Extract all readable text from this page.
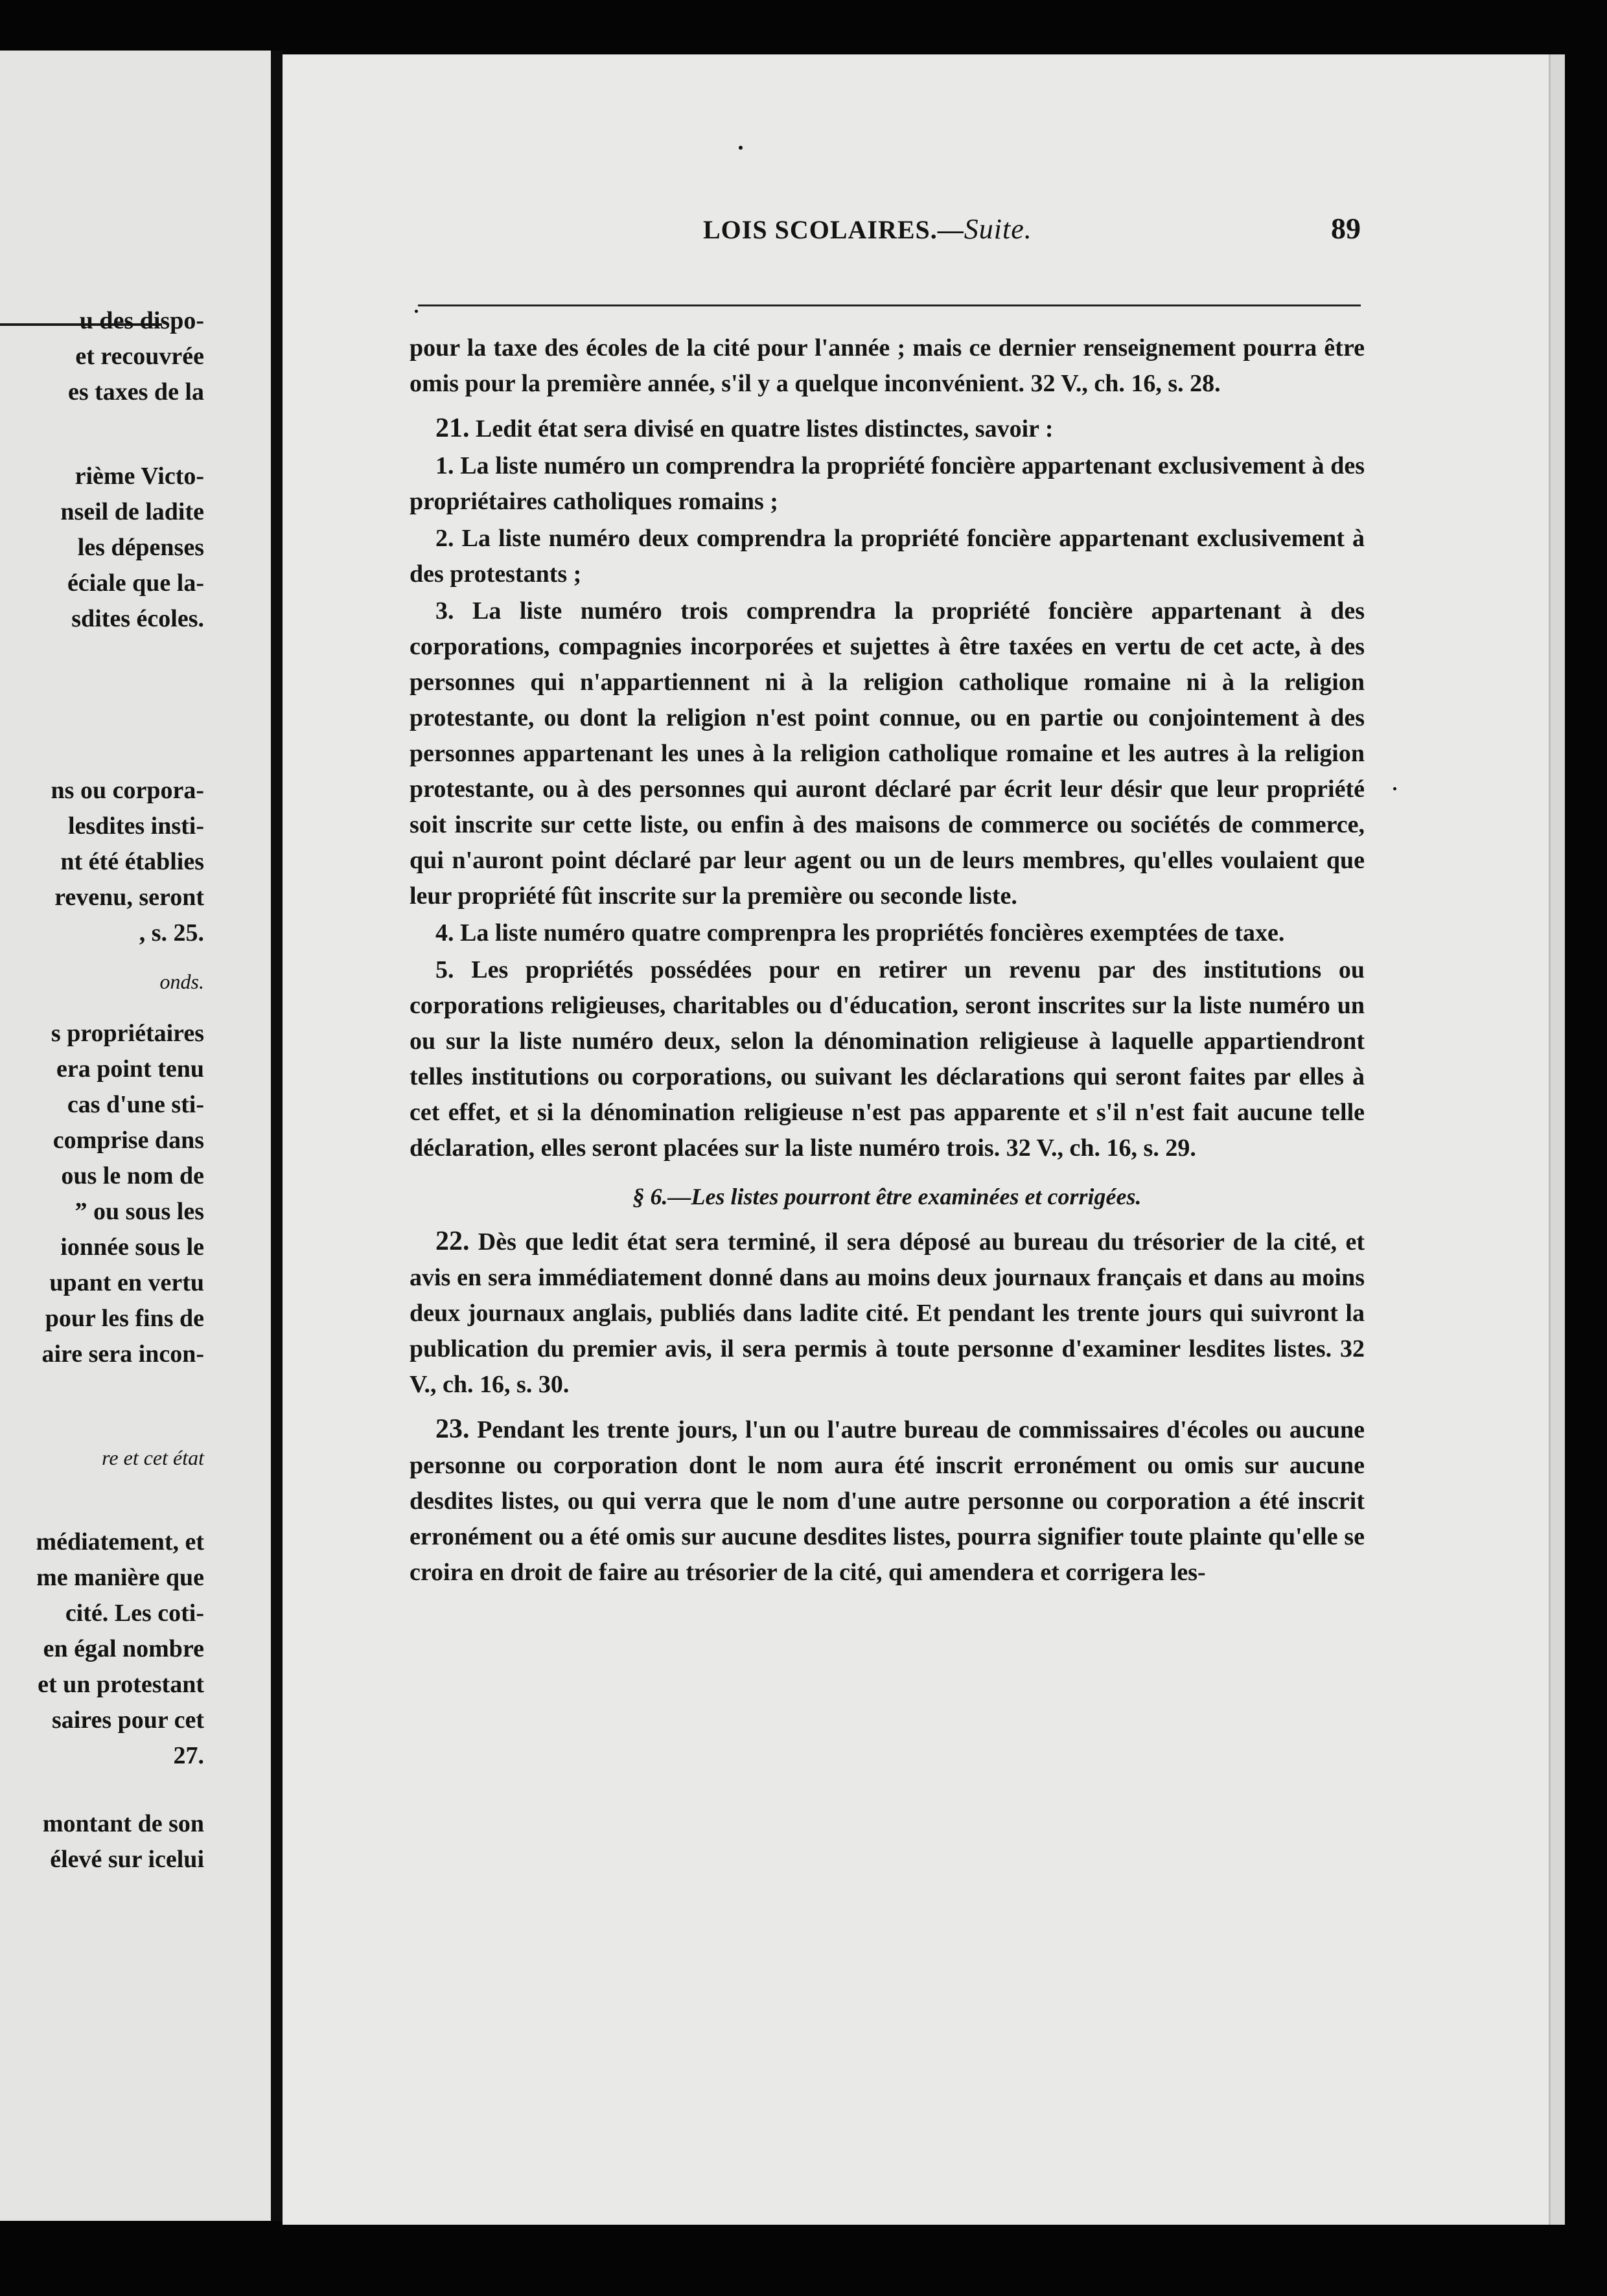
u des dispo-
et recouvrée
es taxes de la
rième Victo-
nseil de ladite
les dépenses
éciale que la-
sdites écoles.
ns ou corpora-
lesdites insti-
nt été établies
revenu, seront
, s. 25.
onds.
s propriétaires
era point tenu
cas d'une sti-
comprise dans
ous le nom de
” ou sous les
ionnée sous le
upant en vertu
pour les fins de
aire sera incon-
re et cet état
médiatement, et
me manière que
cité. Les coti-
en égal nombre
et un protestant
saires pour cet
27.
montant de son
élevé sur icelui
LOIS SCOLAIRES.—Suite.	89

pour la taxe des écoles de la cité pour l'année ; mais ce dernier renseignement pourra être omis pour la première année, s'il y a quelque inconvénient. 32 V., ch. 16, s. 28.

21. Ledit état sera divisé en quatre listes distinctes, savoir :

1. La liste numéro un comprendra la propriété foncière appartenant exclusivement à des propriétaires catholiques romains ;

2. La liste numéro deux comprendra la propriété foncière appartenant exclusivement à des protestants ;

3. La liste numéro trois comprendra la propriété foncière appartenant à des corporations, compagnies incorporées et sujettes à être taxées en vertu de cet acte, à des personnes qui n'appartiennent ni à la religion catholique romaine ni à la religion protestante, ou dont la religion n'est point connue, ou en partie ou conjointement à des personnes appartenant les unes à la religion catholique romaine et les autres à la religion protestante, ou à des personnes qui auront déclaré par écrit leur désir que leur propriété soit inscrite sur cette liste, ou enfin à des maisons de commerce ou sociétés de commerce, qui n'auront point déclaré par leur agent ou un de leurs membres, qu'elles voulaient que leur propriété fût inscrite sur la première ou seconde liste.

4. La liste numéro quatre comprenpra les propriétés foncières exemptées de taxe.

5. Les propriétés possédées pour en retirer un revenu par des institutions ou corporations religieuses, charitables ou d'éducation, seront inscrites sur la liste numéro un ou sur la liste numéro deux, selon la dénomination religieuse à laquelle appartiendront telles institutions ou corporations, ou suivant les déclarations qui seront faites par elles à cet effet, et si la dénomination religieuse n'est pas apparente et s'il n'est fait aucune telle déclaration, elles seront placées sur la liste numéro trois. 32 V., ch. 16, s. 29.

§ 6.—Les listes pourront être examinées et corrigées.

22. Dès que ledit état sera terminé, il sera déposé au bureau du trésorier de la cité, et avis en sera immédiatement donné dans au moins deux journaux français et dans au moins deux journaux anglais, publiés dans ladite cité. Et pendant les trente jours qui suivront la publication du premier avis, il sera permis à toute personne d'examiner lesdites listes. 32 V., ch. 16, s. 30.

23. Pendant les trente jours, l'un ou l'autre bureau de commissaires d'écoles ou aucune personne ou corporation dont le nom aura été inscrit erronément ou omis sur aucune desdites listes, ou qui verra que le nom d'une autre personne ou corporation a été inscrit erronément ou a été omis sur aucune desdites listes, pourra signifier toute plainte qu'elle se croira en droit de faire au trésorier de la cité, qui amendera et corrigera les-
